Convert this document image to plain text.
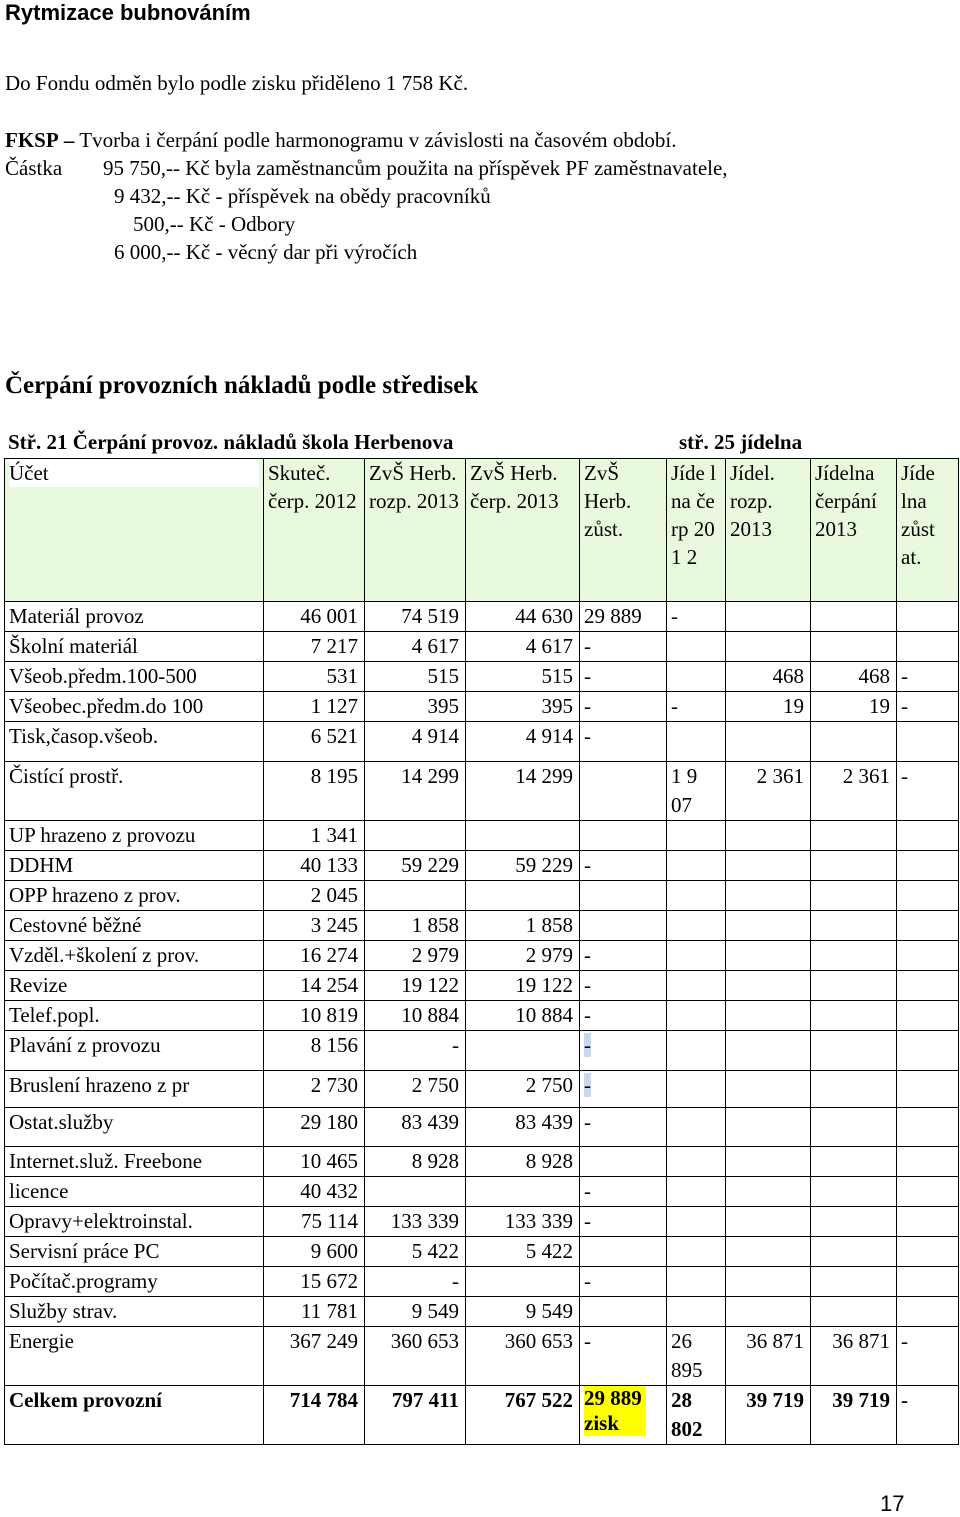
Rytmizace bubnováním
Do Fondu odměn bylo podle zisku přiděleno 1 758 Kč.
FKSP – Tvorba i čerpání podle harmonogramu v závislosti na časovém období.
Částka 95 750,-- Kč byla zaměstnancům použita na příspěvek PF zaměstnavatele,
9 432,-- Kč - příspěvek na obědy pracovníků
500,-- Kč - Odbory
6 000,-- Kč - věcný dar při výročích
Čerpání provozních nákladů podle středisek
Stř. 21 Čerpání provoz. nákladů škola Herbenova	stř. 25 jídelna
Účet	Skuteč. čerp. 2012	ZvŠ Herb. rozp. 2013	ZvŠ Herb. čerp. 2013	ZvŠ Herb. zůst.	Jíde lna čerp 201 2	Jídel. rozp. 2013	Jídelna čerpání 2013	Jíde lna zůst at.
Materiál provoz	46 001	74 519	44 630	29 889	-			
Školní materiál	7 217	4 617	4 617	-				
Všeob.předm.100-500	531	515	515	-		468	468	-
Všeobec.předm.do 100	1 127	395	395	-	-	19	19	-
Tisk,časop.všeob.	6 521	4 914	4 914	-				
Čistící prostř.	8 195	14 299	14 299		1 907	2 361	2 361	-
UP hrazeno z provozu	1 341							
DDHM	40 133	59 229	59 229	-				
OPP hrazeno z prov.	2 045							
Cestovné běžné	3 245	1 858	1 858					
Vzděl.+školení z prov.	16 274	2 979	2 979	-				
Revize	14 254	19 122	19 122	-				
Telef.popl.	10 819	10 884	10 884	-				
Plavání z provozu	8 156	-		-				
Bruslení hrazeno z pr	2 730	2 750	2 750	-				
Ostat.služby	29 180	83 439	83 439	-				
Internet.služ. Freebone	10 465	8 928	8 928					
licence	40 432			-				
Opravy+elektroinstal.	75 114	133 339	133 339	-				
Servisní práce PC	9 600	5 422	5 422					
Počítač.programy	15 672	-		-				
Služby strav.	11 781	9 549	9 549					
Energie	367 249	360 653	360 653	-	26 895	36 871	36 871	-
Celkem provozní	714 784	797 411	767 522	29 889 zisk	28 802	39 719	39 719	-
17
